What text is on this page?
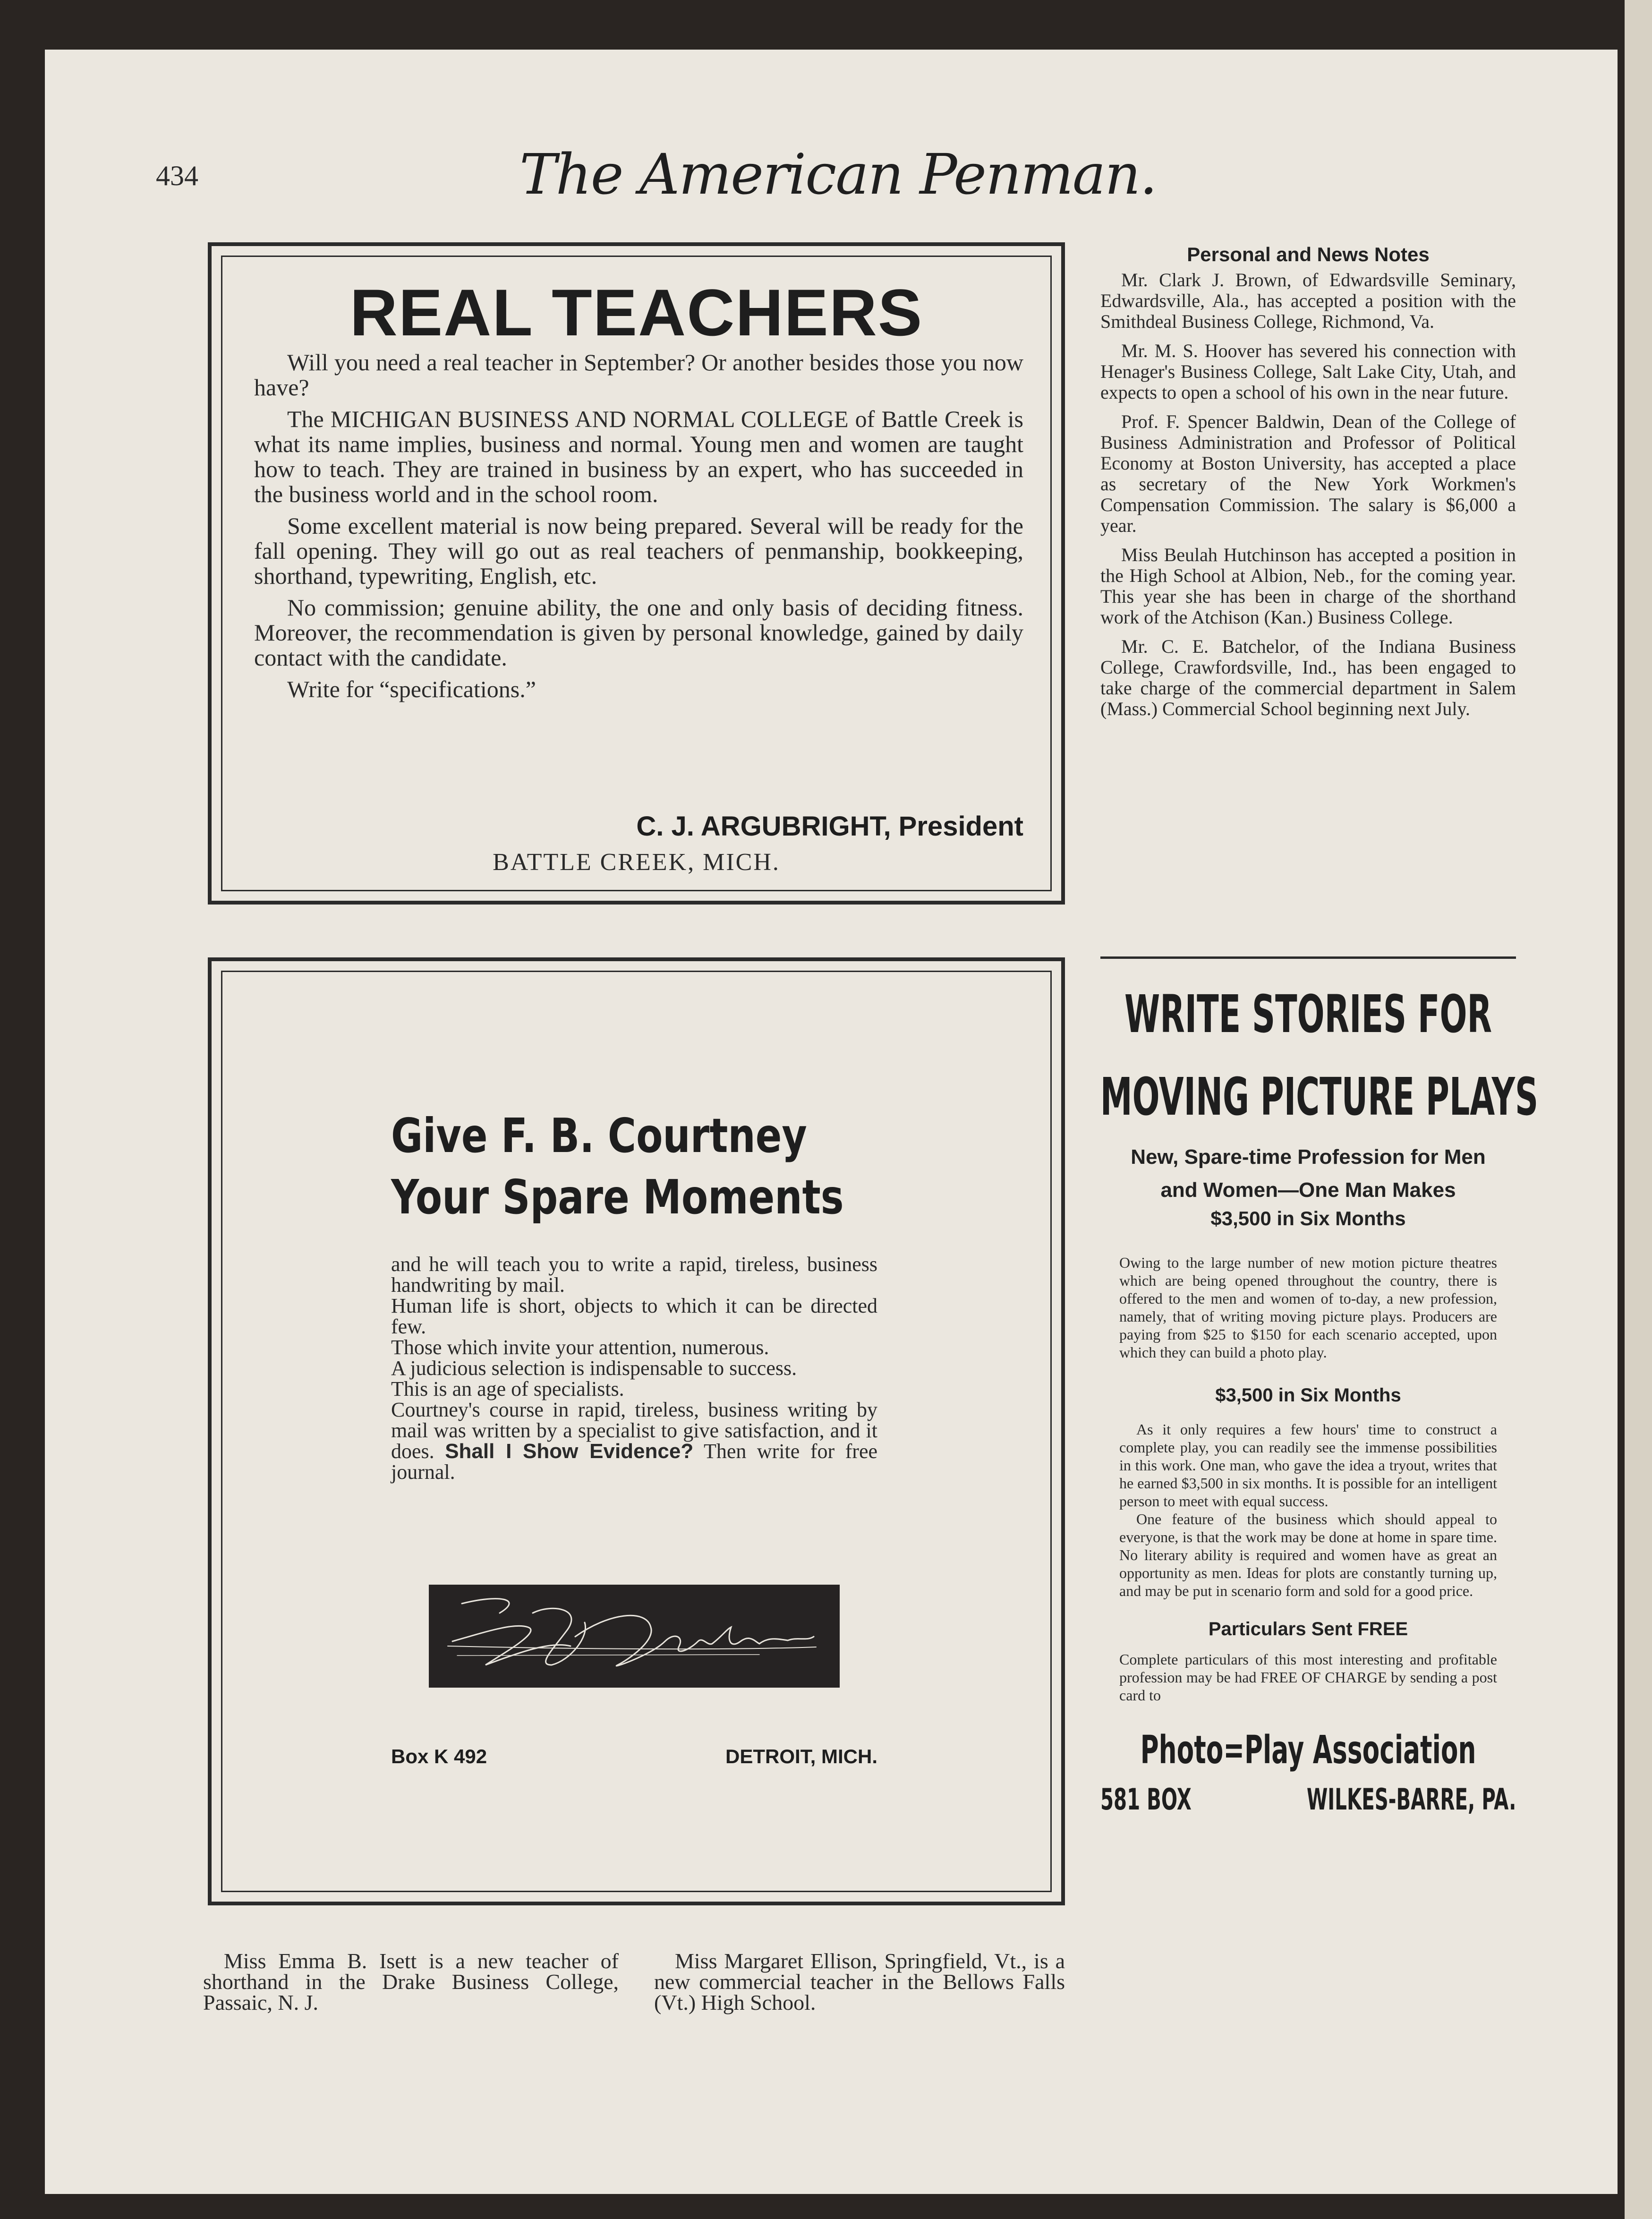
434	The American Penman.
REAL TEACHERS

Will you need a real teacher in September? Or another besides those you now have?

The MICHIGAN BUSINESS AND NORMAL COLLEGE of Battle Creek is what its name implies, business and normal. Young men and women are taught how to teach. They are trained in business by an expert, who has succeeded in the business world and in the school room.

Some excellent material is now being prepared. Several will be ready for the fall opening. They will go out as real teachers of penmanship, bookkeeping, shorthand, typewriting, English, etc.

No commission; genuine ability, the one and only basis of deciding fitness. Moreover, the recommendation is given by personal knowledge, gained by daily contact with the candidate.

Write for “specifications.”

C. J. ARGUBRIGHT, President
BATTLE CREEK, MICH.
Give F. B. Courtney
Your Spare Moments

and he will teach you to write a rapid, tireless, business handwriting by mail.

Human life is short, objects to which it can be directed few.

Those which invite your attention, numerous.

A judicious selection is indispensable to success.

This is an age of specialists.

Courtney's course in rapid, tireless, business writing by mail was written by a specialist to give satisfaction, and it does. Shall I Show Evidence? Then write for free journal.

Box K 492	DETROIT, MICH.
Personal and News Notes

Mr. Clark J. Brown, of Edwardsville Seminary, Edwardsville, Ala., has accepted a position with the Smithdeal Business College, Richmond, Va.

Mr. M. S. Hoover has severed his connection with Henager's Business College, Salt Lake City, Utah, and expects to open a school of his own in the near future.

Prof. F. Spencer Baldwin, Dean of the College of Business Administration and Professor of Political Economy at Boston University, has accepted a place as secretary of the New York Workmen's Compensation Commission. The salary is $6,000 a year.

Miss Beulah Hutchinson has accepted a position in the High School at Albion, Neb., for the coming year. This year she has been in charge of the shorthand work of the Atchison (Kan.) Business College.

Mr. C. E. Batchelor, of the Indiana Business College, Crawfordsville, Ind., has been engaged to take charge of the commercial department in Salem (Mass.) Commercial School beginning next July.

WRITE STORIES FOR
MOVING PICTURE PLAYS
New, Spare-time Profession for Men
and Women—One Man Makes
$3,500 in Six Months
Owing to the large number of new motion picture theatres which are being opened throughout the country, there is offered to the men and women of to-day, a new profession, namely, that of writing moving picture plays. Producers are paying from $25 to $150 for each scenario accepted, upon which they can build a photo play.
$3,500 in Six Months
As it only requires a few hours' time to construct a complete play, you can readily see the immense possibilities in this work. One man, who gave the idea a tryout, writes that he earned $3,500 in six months. It is possible for an intelligent person to meet with equal success.
One feature of the business which should appeal to everyone, is that the work may be done at home in spare time. No literary ability is required and women have as great an opportunity as men. Ideas for plots are constantly turning up, and may be put in scenario form and sold for a good price.
Particulars Sent FREE
Complete particulars of this most interesting and profitable profession may be had FREE OF CHARGE by sending a post card to
Photo=Play Association
581 BOX	WILKES-BARRE, PA.
Miss Emma B. Isett is a new teacher of shorthand in the Drake Business College, Passaic, N. J.
Miss Margaret Ellison, Springfield, Vt., is a new commercial teacher in the Bellows Falls (Vt.) High School.
